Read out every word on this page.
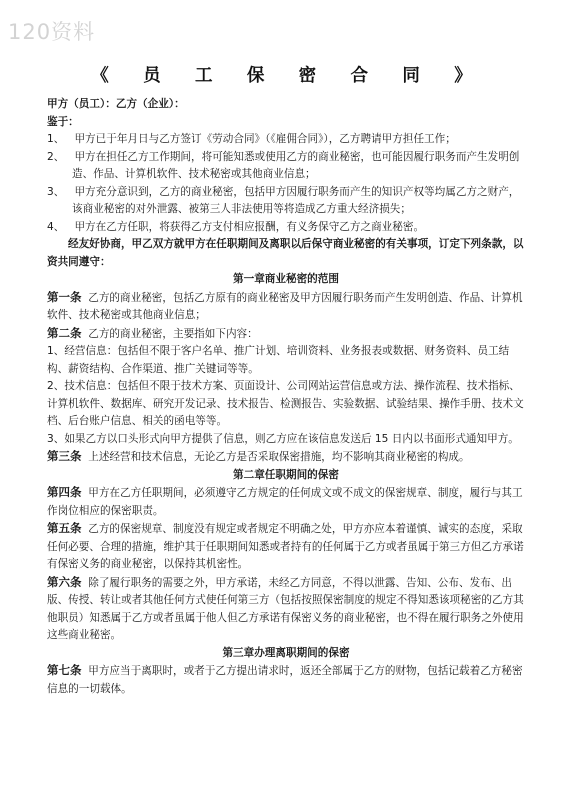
120资料
《    员    工    保    密    合    同    》

甲方（员工）：乙方（企业）：

鉴于：

1、 甲方已于年月日与乙方签订《劳动合同》（《雇佣合同》），乙方聘请甲方担任工作；

2、 甲方在担任乙方工作期间，将可能知悉或使用乙方的商业秘密，也可能因履行职务而产生发明创造、作品、计算机软件、技术秘密或其他商业信息；

3、 甲方充分意识到，乙方的商业秘密，包括甲方因履行职务而产生的知识产权等均属乙方之财产，该商业秘密的对外泄露、被第三人非法使用等将造成乙方重大经济损失；

4、 甲方在乙方任职，将获得乙方支付相应报酬，有义务保守乙方之商业秘密。

经友好协商，甲乙双方就甲方在任职期间及离职以后保守商业秘密的有关事项，订定下列条款，以资共同遵守：

第一章商业秘密的范围

第一条 乙方的商业秘密，包括乙方原有的商业秘密及甲方因履行职务而产生发明创造、作品、计算机软件、技术秘密或其他商业信息；

第二条 乙方的商业秘密，主要指如下内容：

1、经营信息：包括但不限于客户名单、推广计划、培训资料、业务报表或数据、财务资料、员工结构、薪资结构、合作渠道、推广关键词等等。

2、技术信息：包括但不限于技术方案、页面设计、公司网站运营信息或方法、操作流程、技术指标、计算机软件、数据库、研究开发记录、技术报告、检测报告、实验数据、试验结果、操作手册、技术文档、后台账户信息、相关的函电等等。

3、如果乙方以口头形式向甲方提供了信息，则乙方应在该信息发送后 15 日内以书面形式通知甲方。

第三条 上述经营和技术信息，无论乙方是否采取保密措施，均不影响其商业秘密的构成。

第二章任职期间的保密

第四条 甲方在乙方任职期间，必须遵守乙方规定的任何成文或不成文的保密规章、制度，履行与其工作岗位相应的保密职责。

第五条 乙方的保密规章、制度没有规定或者规定不明确之处，甲方亦应本着谨慎、诚实的态度，采取任何必要、合理的措施，维护其于任职期间知悉或者持有的任何属于乙方或者虽属于第三方但乙方承诺有保密义务的商业秘密，以保持其机密性。

第六条 除了履行职务的需要之外，甲方承诺，未经乙方同意，不得以泄露、告知、公布、发布、出版、传授、转让或者其他任何方式使任何第三方（包括按照保密制度的规定不得知悉该项秘密的乙方其他职员）知悉属于乙方或者虽属于他人但乙方承诺有保密义务的商业秘密，也不得在履行职务之外使用这些商业秘密。

第三章办理离职期间的保密

第七条 甲方应当于离职时，或者于乙方提出请求时，返还全部属于乙方的财物，包括记载着乙方秘密信息的一切载体。
